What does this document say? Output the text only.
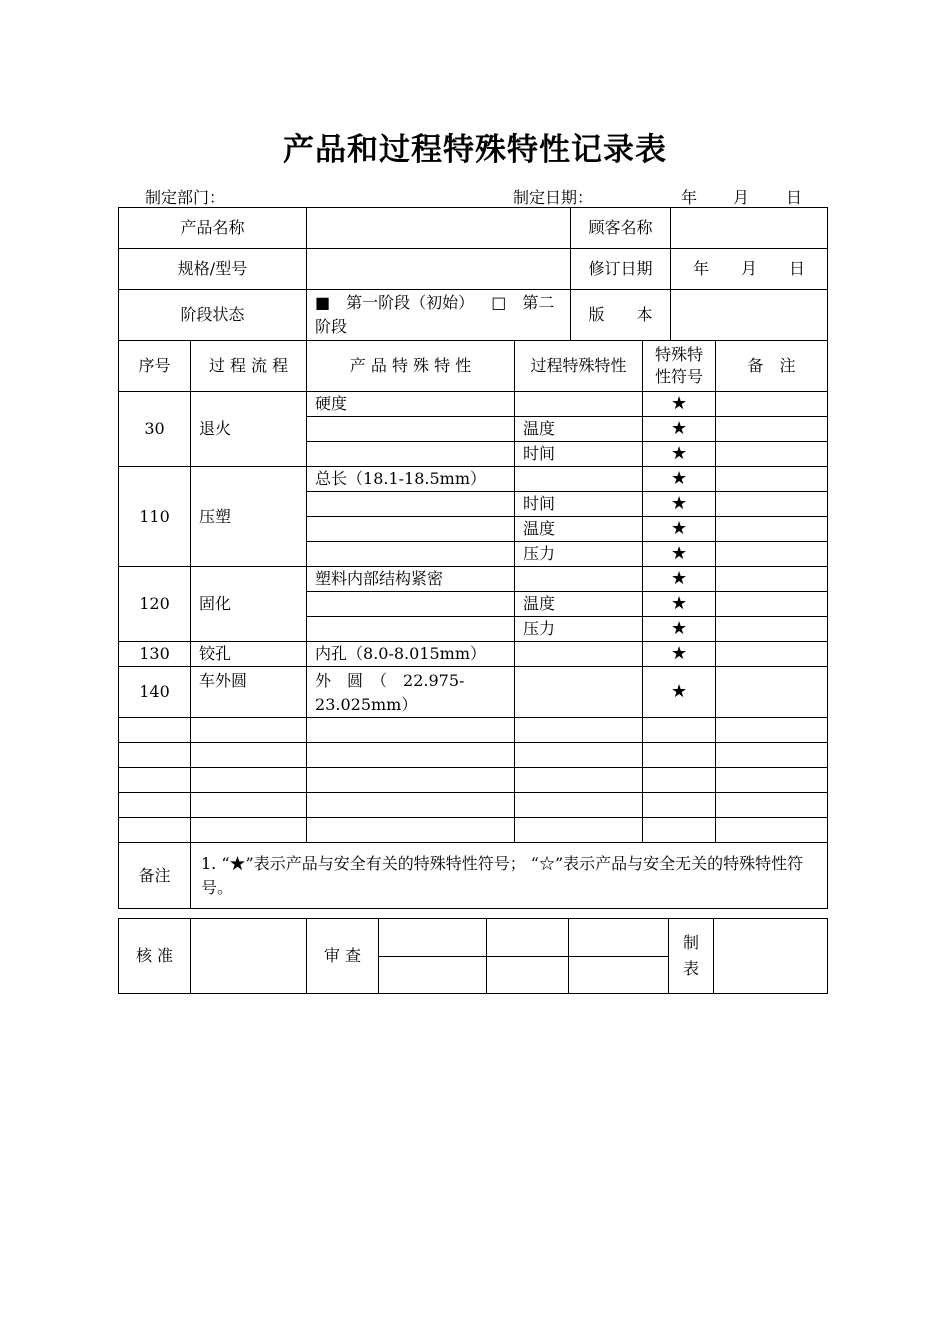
产品和过程特殊特性记录表
制定部门：	制定日期：	年 月 日
产品名称				顾客名称			
规格/型号				修订日期		年　　月　　日	
阶段状态		■　第一阶段（初始） □　第二阶段		版　　本			
序号	过 程 流 程	产 品 特 殊 特 性	过程特殊特性		特殊特性符号		备　注
30	退火	硬度			★		
			温度		★		
			时间		★		
110	压塑	总长（18.1-18.5mm）			★		
			时间		★		
			温度		★		
			压力		★		
120	固化	塑料内部结构紧密			★		
			温度		★		
			压力		★		
130	铰孔	内孔（8.0-8.015mm）			★		
140	车外圆	外　圆　（　22.975-23.025mm）			★		

备注	1. “★”表示产品与安全有关的特殊特性符号； “☆”表示产品与安全无关的特殊特性符号。						
核 准		审 查				制表	
